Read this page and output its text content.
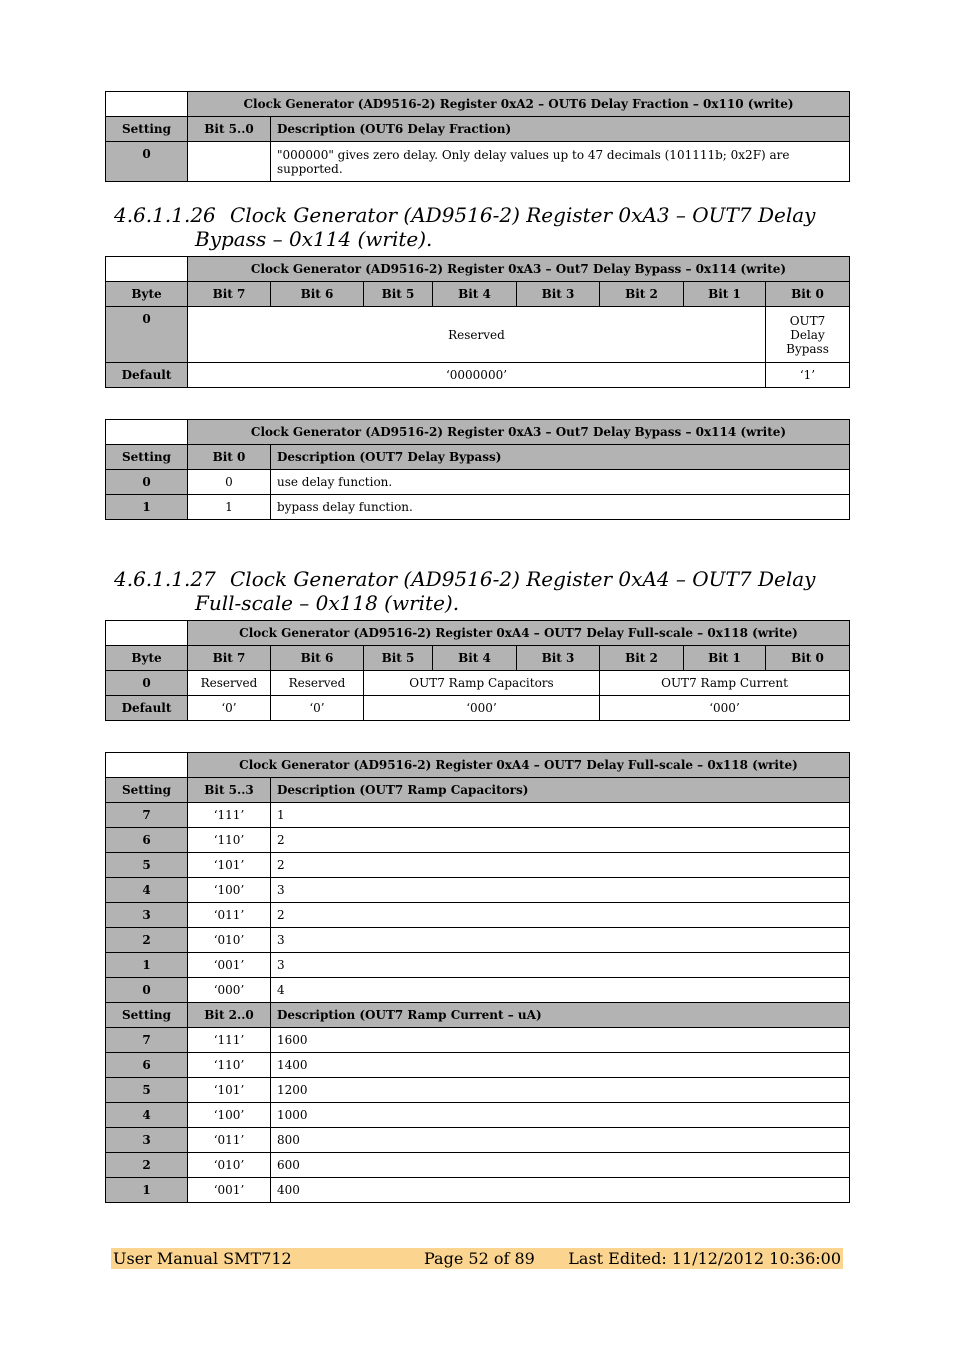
	Clock Generator (AD9516-2) Register 0xA2 – OUT6 Delay Fraction – 0x110 (write)	
Setting	Bit 5..0	Description (OUT6 Delay Fraction)
0		"000000" gives zero delay. Only delay values up to 47 decimals (101111b; 0x2F) are supported.
4.6.1.1.26 Clock Generator (AD9516-2) Register 0xA3 – OUT7 Delay
Bypass – 0x114 (write).
	Clock Generator (AD9516-2) Register 0xA3 – Out7 Delay Bypass – 0x114 (write)							
Byte	Bit 7	Bit 6	Bit 5	Bit 4	Bit 3	Bit 2	Bit 1	Bit 0
0	Reserved							OUT7
Delay
Bypass

Default	‘0000000’							‘1’
	Clock Generator (AD9516-2) Register 0xA3 – Out7 Delay Bypass – 0x114 (write)	
Setting	Bit 0	Description (OUT7 Delay Bypass)
0	0	use delay function.
1	1	bypass delay function.
4.6.1.1.27 Clock Generator (AD9516-2) Register 0xA4 – OUT7 Delay
Full-scale – 0x118 (write).
	Clock Generator (AD9516-2) Register 0xA4 – OUT7 Delay Full-scale – 0x118 (write)							
Byte	Bit 7	Bit 6	Bit 5	Bit 4	Bit 3	Bit 2	Bit 1	Bit 0
0	Reserved	Reserved	OUT7 Ramp Capacitors			OUT7 Ramp Current		
Default	‘0’	‘0’	‘000’			‘000’		
	Clock Generator (AD9516-2) Register 0xA4 – OUT7 Delay Full-scale – 0x118 (write)	
Setting	Bit 5..3	Description (OUT7 Ramp Capacitors)
7	‘111’	1
6	‘110’	2
5	‘101’	2
4	‘100’	3
3	‘011’	2
2	‘010’	3
1	‘001’	3
0	‘000’	4
Setting	Bit 2..0	Description (OUT7 Ramp Current – uA)
7	‘111’	1600
6	‘110’	1400
5	‘101’	1200
4	‘100’	1000
3	‘011’	800
2	‘010’	600
1	‘001’	400
User Manual SMT712	Page 52 of 89 Last Edited: 11/12/2012 10:36:00
